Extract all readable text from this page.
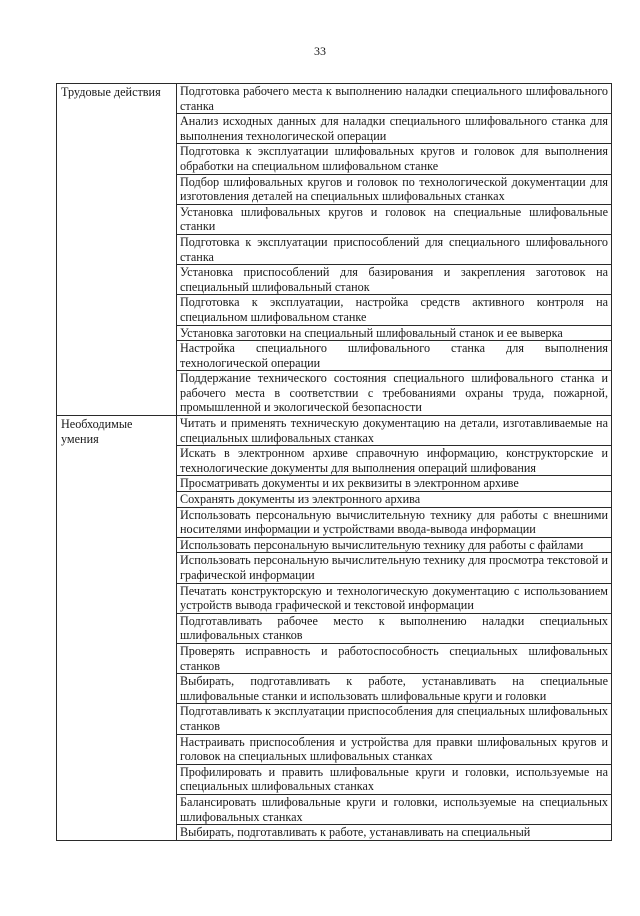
33
Трудовые действия	Подготовка рабочего места к выполнению наладки специального шлифовального станка
	Анализ исходных данных для наладки специального шлифовального станка для выполнения технологической операции
	Подготовка к эксплуатации шлифовальных кругов и головок для выполнения обработки на специальном шлифовальном станке
	Подбор шлифовальных кругов и головок по технологической документации для изготовления деталей на специальных шлифовальных станках
	Установка шлифовальных кругов и головок на специальные шлифовальные станки
	Подготовка к эксплуатации приспособлений для специального шлифовального станка
	Установка приспособлений для базирования и закрепления заготовок на специальный шлифовальный станок
	Подготовка к эксплуатации, настройка средств активного контроля на специальном шлифовальном станке
	Установка заготовки на специальный шлифовальный станок и ее выверка
	Настройка специального шлифовального станка для выполнения технологической операции
	Поддержание технического состояния специального шлифовального станка и рабочего места в соответствии с требованиями охраны труда, пожарной, промышленной и экологической безопасности
Необходимые умения	Читать и применять техническую документацию на детали, изготавливаемые на специальных шлифовальных станках
	Искать в электронном архиве справочную информацию, конструкторские и технологические документы для выполнения операций шлифования
	Просматривать документы и их реквизиты в электронном архиве
	Сохранять документы из электронного архива
	Использовать персональную вычислительную технику для работы с внешними носителями информации и устройствами ввода-вывода информации
	Использовать персональную вычислительную технику для работы с файлами
	Использовать персональную вычислительную технику для просмотра текстовой и графической информации
	Печатать конструкторскую и технологическую документацию с использованием устройств вывода графической и текстовой информации
	Подготавливать рабочее место к выполнению наладки специальных шлифовальных станков
	Проверять исправность и работоспособность специальных шлифовальных станков
	Выбирать, подготавливать к работе, устанавливать на специальные шлифовальные станки и использовать шлифовальные круги и головки
	Подготавливать к эксплуатации приспособления для специальных шлифовальных станков
	Настраивать приспособления и устройства для правки шлифовальных кругов и головок на специальных шлифовальных станках
	Профилировать и править шлифовальные круги и головки, используемые на специальных шлифовальных станках
	Балансировать шлифовальные круги и головки, используемые на специальных шлифовальных станках
	Выбирать, подготавливать к работе, устанавливать на специальный
